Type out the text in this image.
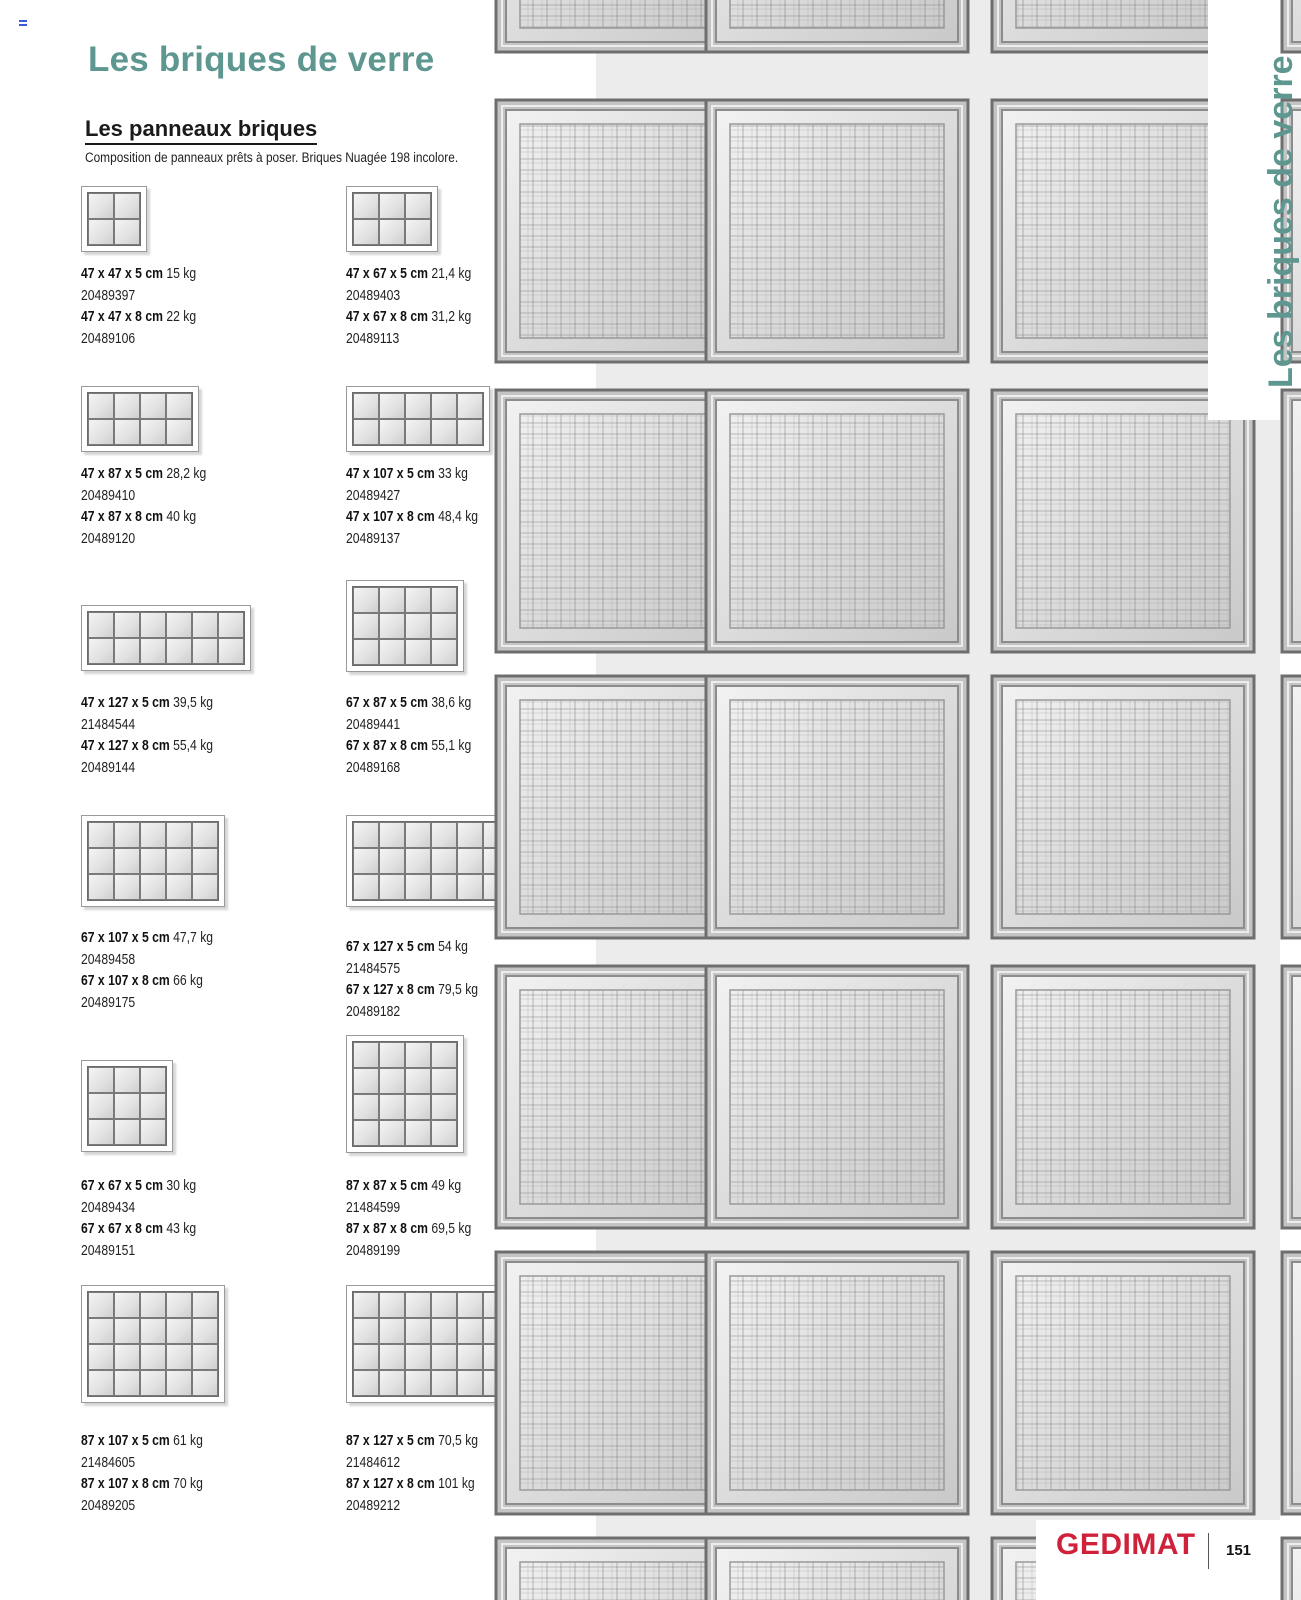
Les briques de verre
Les panneaux briques
Composition de panneaux prêts à poser. Briques Nuagée 198 incolore.
47 x 47 x 5 cm 15 kg
20489397
47 x 47 x 8 cm 22 kg
20489106
47 x 67 x 5 cm 21,4 kg
20489403
47 x 67 x 8 cm 31,2 kg
20489113
47 x 87 x 5 cm 28,2 kg
20489410
47 x 87 x 8 cm 40 kg
20489120
47 x 107 x 5 cm 33 kg
20489427
47 x 107 x 8 cm 48,4 kg
20489137
47 x 127 x 5 cm 39,5 kg
21484544
47 x 127 x 8 cm 55,4 kg
20489144
67 x 87 x 5 cm 38,6 kg
20489441
67 x 87 x 8 cm 55,1 kg
20489168
67 x 107 x 5 cm 47,7 kg
20489458
67 x 107 x 8 cm 66 kg
20489175
67 x 127 x 5 cm 54 kg
21484575
67 x 127 x 8 cm 79,5 kg
20489182
67 x 67 x 5 cm 30 kg
20489434
67 x 67 x 8 cm 43 kg
20489151
87 x 87 x 5 cm 49 kg
21484599
87 x 87 x 8 cm 69,5 kg
20489199
87 x 107 x 5 cm 61 kg
21484605
87 x 107 x 8 cm 70 kg
20489205
87 x 127 x 5 cm 70,5 kg
21484612
87 x 127 x 8 cm 101 kg
20489212
Les briques de verre
GEDIMAT 151
